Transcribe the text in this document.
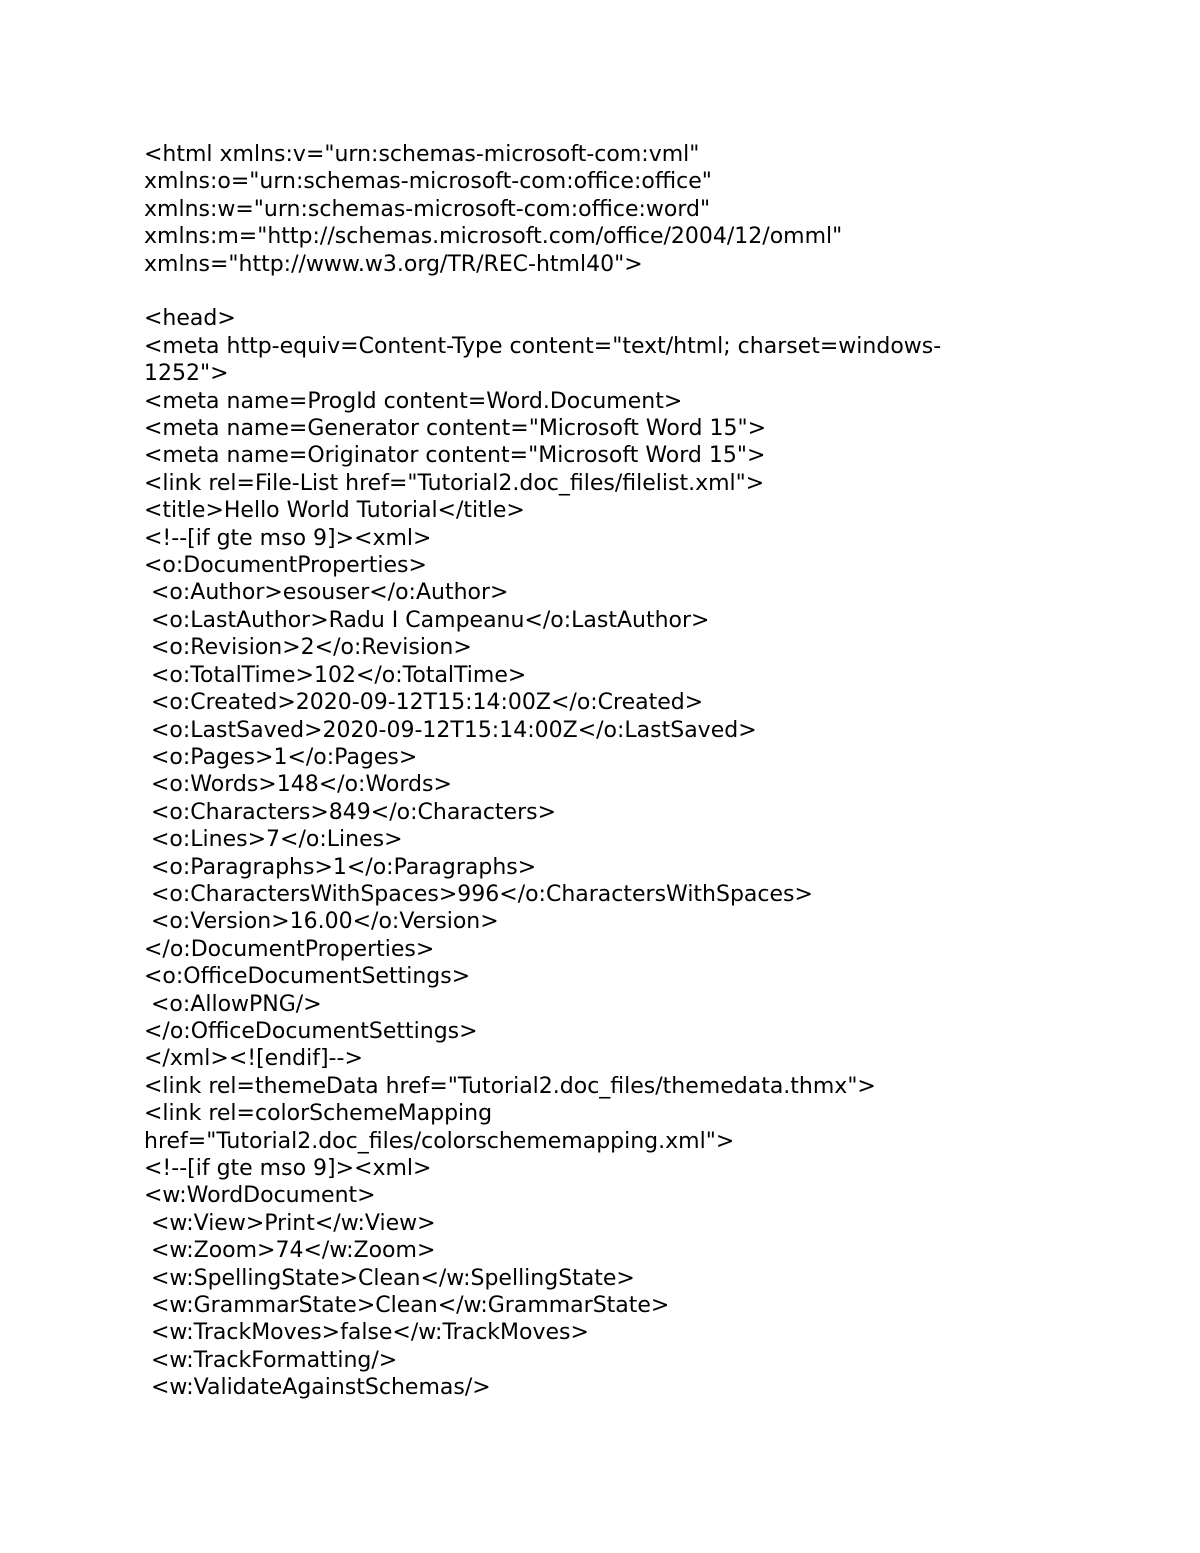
<html xmlns:v="urn:schemas-microsoft-com:vml"
xmlns:o="urn:schemas-microsoft-com:office:office"
xmlns:w="urn:schemas-microsoft-com:office:word"
xmlns:m="http://schemas.microsoft.com/office/2004/12/omml"
xmlns="http://www.w3.org/TR/REC-html40">
<head>
<meta http-equiv=Content-Type content="text/html; charset=windows-
1252">
<meta name=ProgId content=Word.Document>
<meta name=Generator content="Microsoft Word 15">
<meta name=Originator content="Microsoft Word 15">
<link rel=File-List href="Tutorial2.doc_files/filelist.xml">
<title>Hello World Tutorial</title>
<!--[if gte mso 9]><xml>
<o:DocumentProperties>
<o:Author>esouser</o:Author>
<o:LastAuthor>Radu I Campeanu</o:LastAuthor>
<o:Revision>2</o:Revision>
<o:TotalTime>102</o:TotalTime>
<o:Created>2020-09-12T15:14:00Z</o:Created>
<o:LastSaved>2020-09-12T15:14:00Z</o:LastSaved>
<o:Pages>1</o:Pages>
<o:Words>148</o:Words>
<o:Characters>849</o:Characters>
<o:Lines>7</o:Lines>
<o:Paragraphs>1</o:Paragraphs>
<o:CharactersWithSpaces>996</o:CharactersWithSpaces>
<o:Version>16.00</o:Version>
</o:DocumentProperties>
<o:OfficeDocumentSettings>
<o:AllowPNG/>
</o:OfficeDocumentSettings>
</xml><![endif]-->
<link rel=themeData href="Tutorial2.doc_files/themedata.thmx">
<link rel=colorSchemeMapping
href="Tutorial2.doc_files/colorschememapping.xml">
<!--[if gte mso 9]><xml>
<w:WordDocument>
<w:View>Print</w:View>
<w:Zoom>74</w:Zoom>
<w:SpellingState>Clean</w:SpellingState>
<w:GrammarState>Clean</w:GrammarState>
<w:TrackMoves>false</w:TrackMoves>
<w:TrackFormatting/>
<w:ValidateAgainstSchemas/>
